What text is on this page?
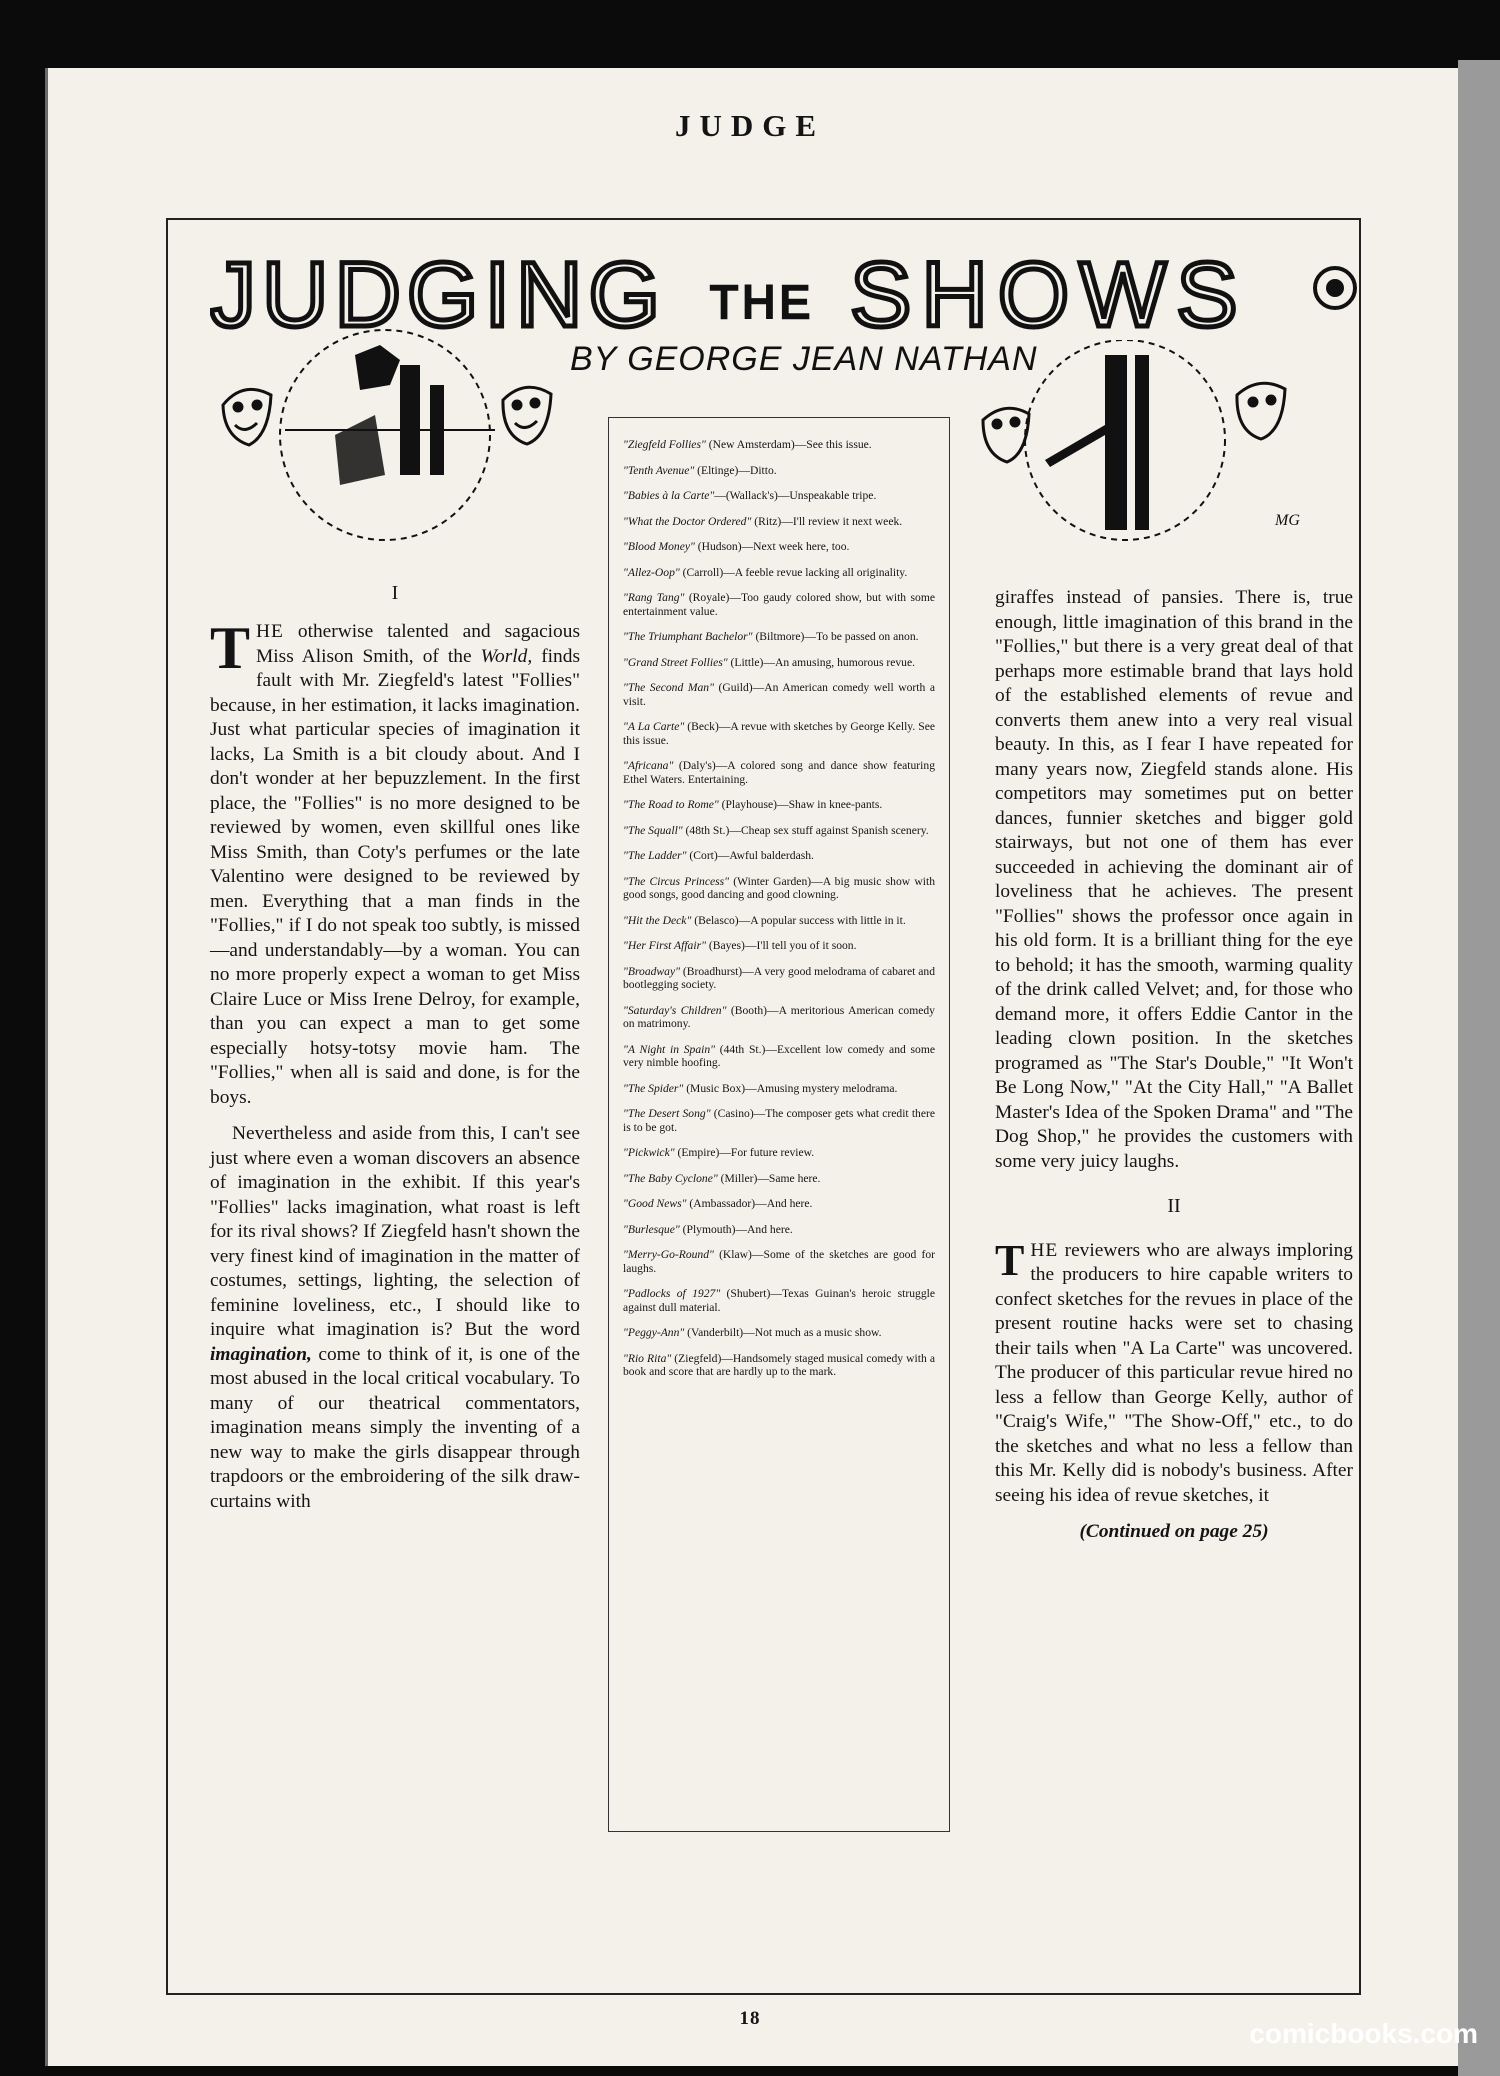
JUDGE
JUDGING THE SHOWS
BY GEORGE JEAN NATHAN
MG
I

THE otherwise talented and sagacious Miss Alison Smith, of the World, finds fault with Mr. Ziegfeld's latest "Follies" because, in her estimation, it lacks imagination. Just what particular species of imagination it lacks, La Smith is a bit cloudy about. And I don't wonder at her bepuzzlement. In the first place, the "Follies" is no more designed to be reviewed by women, even skillful ones like Miss Smith, than Coty's perfumes or the late Valentino were designed to be reviewed by men. Everything that a man finds in the "Follies," if I do not speak too subtly, is missed—and understandably—by a woman. You can no more properly expect a woman to get Miss Claire Luce or Miss Irene Delroy, for example, than you can expect a man to get some especially hotsy-totsy movie ham. The "Follies," when all is said and done, is for the boys.

Nevertheless and aside from this, I can't see just where even a woman discovers an absence of imagination in the exhibit. If this year's "Follies" lacks imagination, what roast is left for its rival shows? If Ziegfeld hasn't shown the very finest kind of imagination in the matter of costumes, settings, lighting, the selection of feminine loveliness, etc., I should like to inquire what imagination is? But the word imagination, come to think of it, is one of the most abused in the local critical vocabulary. To many of our theatrical commentators, imagination means simply the inventing of a new way to make the girls disappear through trapdoors or the embroidering of the silk draw-curtains with

"Ziegfeld Follies" (New Amsterdam)—See this issue.
"Tenth Avenue" (Eltinge)—Ditto.
"Babies à la Carte"—(Wallack's)—Unspeakable tripe.
"What the Doctor Ordered" (Ritz)—I'll review it next week.
"Blood Money" (Hudson)—Next week here, too.
"Allez-Oop" (Carroll)—A feeble revue lacking all originality.
"Rang Tang" (Royale)—Too gaudy colored show, but with some entertainment value.
"The Triumphant Bachelor" (Biltmore)—To be passed on anon.
"Grand Street Follies" (Little)—An amusing, humorous revue.
"The Second Man" (Guild)—An American comedy well worth a visit.
"A La Carte" (Beck)—A revue with sketches by George Kelly. See this issue.
"Africana" (Daly's)—A colored song and dance show featuring Ethel Waters. Entertaining.
"The Road to Rome" (Playhouse)—Shaw in knee-pants.
"The Squall" (48th St.)—Cheap sex stuff against Spanish scenery.
"The Ladder" (Cort)—Awful balderdash.
"The Circus Princess" (Winter Garden)—A big music show with good songs, good dancing and good clowning.
"Hit the Deck" (Belasco)—A popular success with little in it.
"Her First Affair" (Bayes)—I'll tell you of it soon.
"Broadway" (Broadhurst)—A very good melodrama of cabaret and bootlegging society.
"Saturday's Children" (Booth)—A meritorious American comedy on matrimony.
"A Night in Spain" (44th St.)—Excellent low comedy and some very nimble hoofing.
"The Spider" (Music Box)—Amusing mystery melodrama.
"The Desert Song" (Casino)—The composer gets what credit there is to be got.
"Pickwick" (Empire)—For future review.
"The Baby Cyclone" (Miller)—Same here.
"Good News" (Ambassador)—And here.
"Burlesque" (Plymouth)—And here.
"Merry-Go-Round" (Klaw)—Some of the sketches are good for laughs.
"Padlocks of 1927" (Shubert)—Texas Guinan's heroic struggle against dull material.
"Peggy-Ann" (Vanderbilt)—Not much as a music show.
"Rio Rita" (Ziegfeld)—Handsomely staged musical comedy with a book and score that are hardly up to the mark.

giraffes instead of pansies. There is, true enough, little imagination of this brand in the "Follies," but there is a very great deal of that perhaps more estimable brand that lays hold of the established elements of revue and converts them anew into a very real visual beauty. In this, as I fear I have repeated for many years now, Ziegfeld stands alone. His competitors may sometimes put on better dances, funnier sketches and bigger gold stairways, but not one of them has ever succeeded in achieving the dominant air of loveliness that he achieves. The present "Follies" shows the professor once again in his old form. It is a brilliant thing for the eye to behold; it has the smooth, warming quality of the drink called Velvet; and, for those who demand more, it offers Eddie Cantor in the leading clown position. In the sketches programed as "The Star's Double," "It Won't Be Long Now," "At the City Hall," "A Ballet Master's Idea of the Spoken Drama" and "The Dog Shop," he provides the customers with some very juicy laughs.

II

THE reviewers who are always imploring the producers to hire capable writers to confect sketches for the revues in place of the present routine hacks were set to chasing their tails when "A La Carte" was uncovered. The producer of this particular revue hired no less a fellow than George Kelly, author of "Craig's Wife," "The Show-Off," etc., to do the sketches and what no less a fellow than this Mr. Kelly did is nobody's business. After seeing his idea of revue sketches, it

(Continued on page 25)
18	comicbooks.com
